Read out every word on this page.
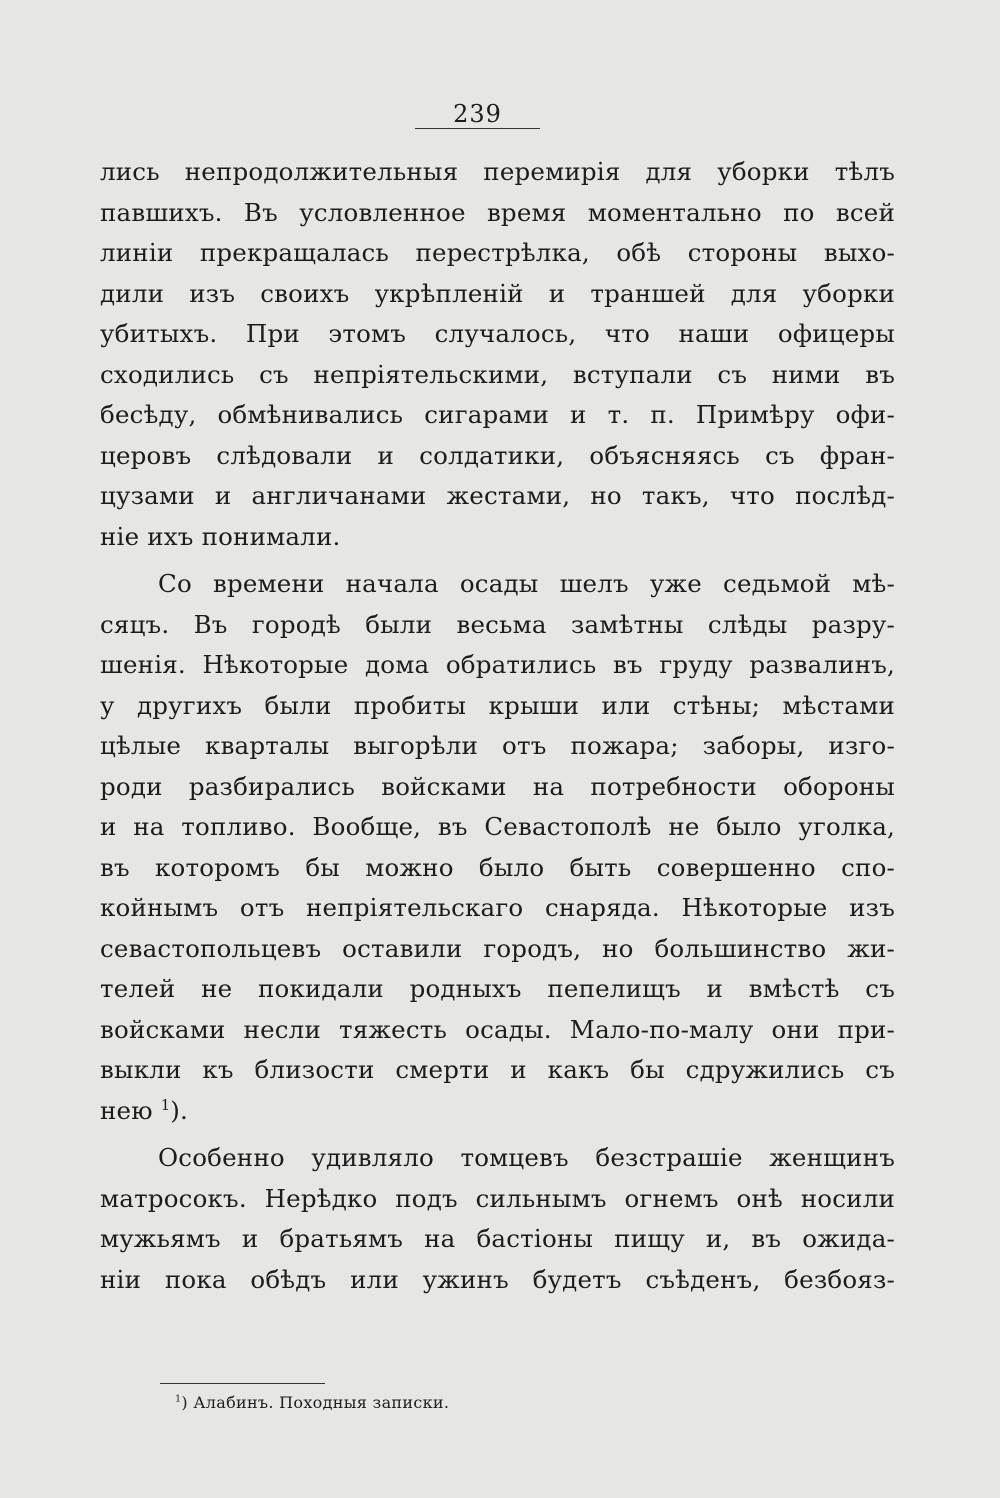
239
лись непродолжительныя перемирія для уборки тѣлъ
павшихъ. Въ условленное время моментально по всей
линіи прекращалась перестрѣлка, обѣ стороны выхо-
дили изъ своихъ укрѣпленій и траншей для уборки
убитыхъ. При этомъ случалось, что наши офицеры
сходились съ непріятельскими, вступали съ ними въ
бесѣду, обмѣнивались сигарами и т. п. Примѣру офи-
церовъ слѣдовали и солдатики, объясняясь съ фран-
цузами и англичанами жестами, но такъ, что послѣд-
ніе ихъ понимали.
Со времени начала осады шелъ уже седьмой мѣ-
сяцъ. Въ городѣ были весьма замѣтны слѣды разру-
шенія. Нѣкоторые дома обратились въ груду развалинъ,
у другихъ были пробиты крыши или стѣны; мѣстами
цѣлые кварталы выгорѣли отъ пожара; заборы, изго-
роди разбирались войсками на потребности обороны
и на топливо. Вообще, въ Севастополѣ не было уголка,
въ которомъ бы можно было быть совершенно спо-
койнымъ отъ непріятельскаго снаряда. Нѣкоторые изъ
севастопольцевъ оставили городъ, но большинство жи-
телей не покидали родныхъ пепелищъ и вмѣстѣ съ
войсками несли тяжесть осады. Мало-по-малу они при-
выкли къ близости смерти и какъ бы сдружились съ
нею $^1$).
Особенно удивляло томцевъ безстрашіе женщинъ
матросокъ. Нерѣдко подъ сильнымъ огнемъ онѣ носили
мужьямъ и братьямъ на бастіоны пищу и, въ ожида-
ніи пока обѣдъ или ужинъ будетъ съѣденъ, безбояз-
$^1$) Алабинъ. Походныя записки.
